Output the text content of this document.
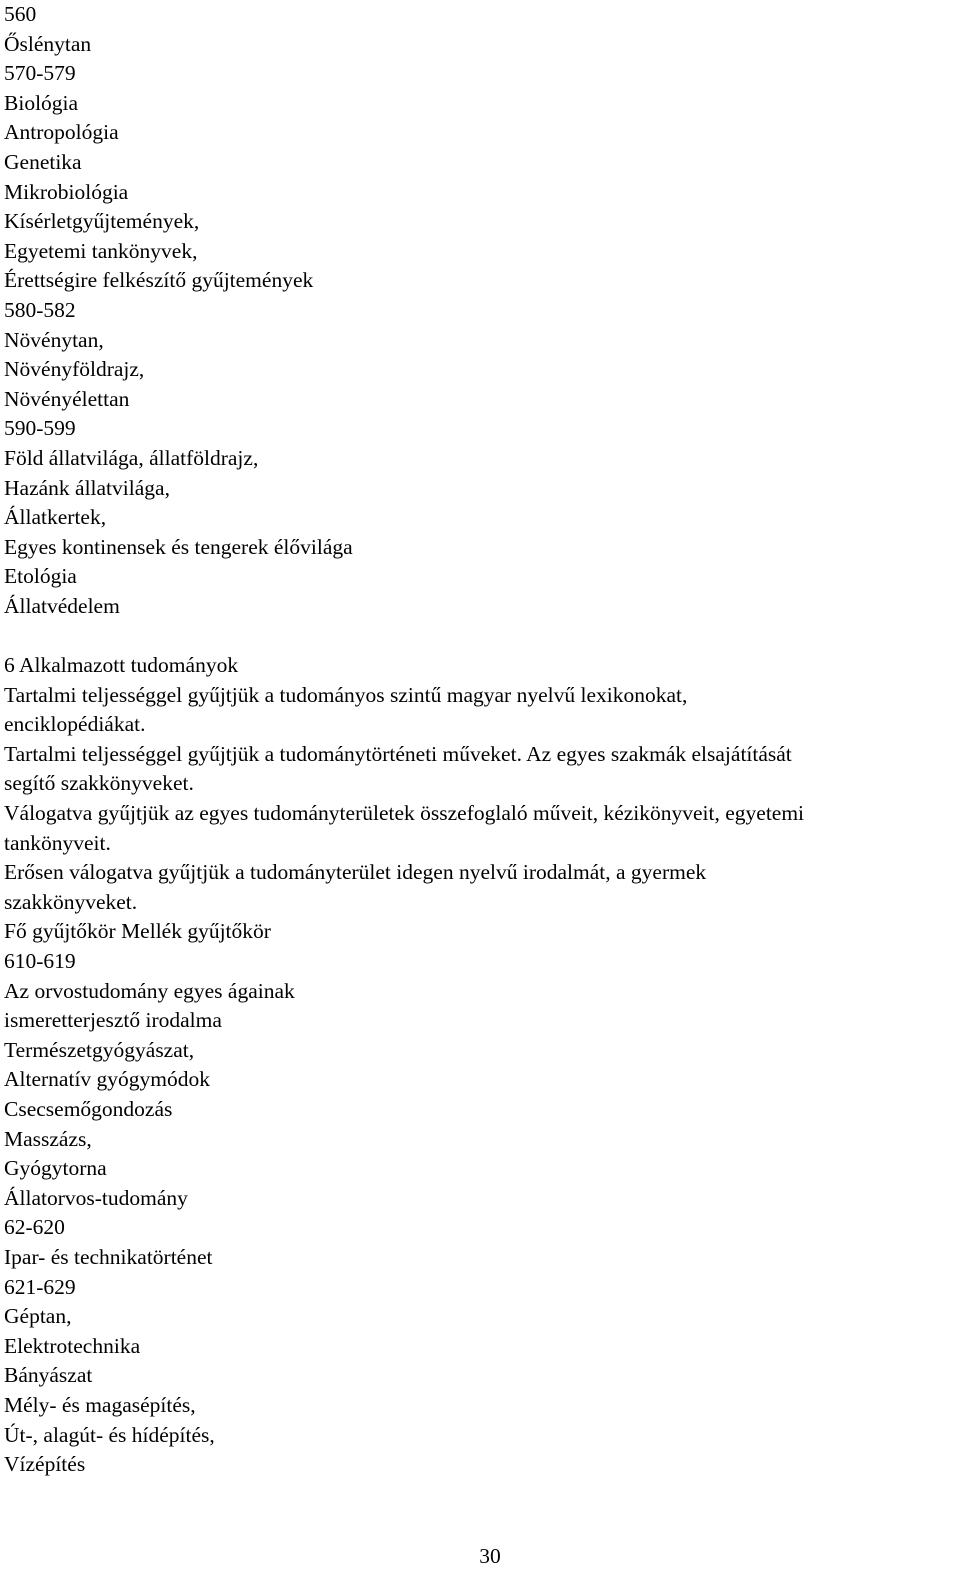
560
Őslénytan
570-579
Biológia
Antropológia
Genetika
Mikrobiológia
Kísérletgyűjtemények,
Egyetemi tankönyvek,
Érettségire felkészítő gyűjtemények
580-582
Növénytan,
Növényföldrajz,
Növényélettan
590-599
Föld állatvilága, állatföldrajz,
Hazánk állatvilága,
Állatkertek,
Egyes kontinensek és tengerek élővilága
Etológia
Állatvédelem
6 Alkalmazott tudományok
Tartalmi teljességgel gyűjtjük a tudományos szintű magyar nyelvű lexikonokat,
enciklopédiákat.
Tartalmi teljességgel gyűjtjük a tudománytörténeti műveket. Az egyes szakmák elsajátítását
segítő szakkönyveket.
Válogatva gyűjtjük az egyes tudományterületek összefoglaló műveit, kézikönyveit, egyetemi
tankönyveit.
Erősen válogatva gyűjtjük a tudományterület idegen nyelvű irodalmát, a gyermek
szakkönyveket.
Fő gyűjtőkör Mellék gyűjtőkör
610-619
Az orvostudomány egyes ágainak
ismeretterjesztő irodalma
Természetgyógyászat,
Alternatív gyógymódok
Csecsemőgondozás
Masszázs,
Gyógytorna
Állatorvos-tudomány
62-620
Ipar- és technikatörténet
621-629
Géptan,
Elektrotechnika
Bányászat
Mély- és magasépítés,
Út-, alagút- és hídépítés,
Vízépítés
30
